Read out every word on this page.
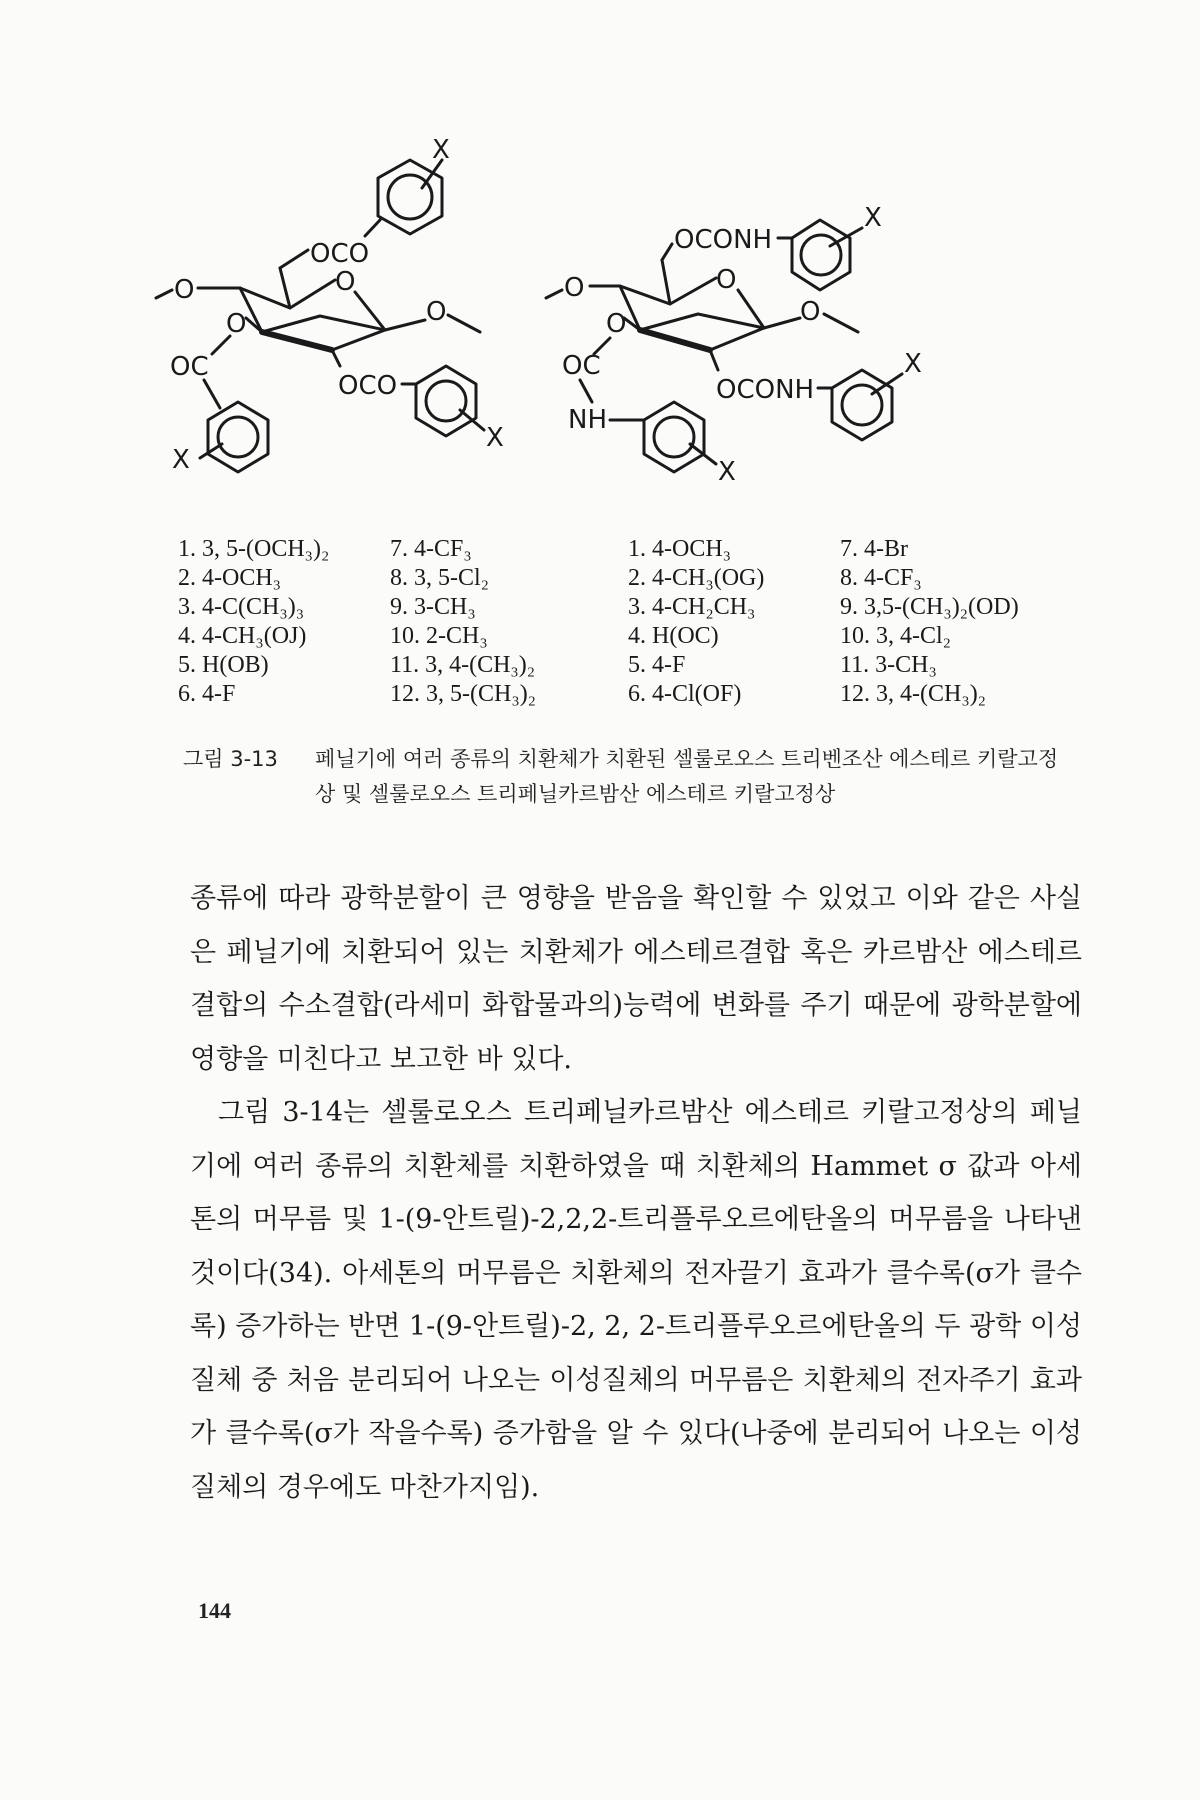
X
OCO
O
O
O
OC
X
O
OCO
X
OCONH
X
O
O
O
OC
NH
X
O
OCONH
X
1. 3, 5-(OCH₃)₂
2. 4-OCH₃
3. 4-C(CH₃)₃
4. 4-CH₃(OJ)
5. H(OB)
6. 4-F
7. 4-CF₃
8. 3, 5-Cl₂
9. 3-CH₃
10. 2-CH₃
11. 3, 4-(CH₃)₂
12. 3, 5-(CH₃)₂
1. 4-OCH₃
2. 4-CH₃(OG)
3. 4-CH₂CH₃
4. H(OC)
5. 4-F
6. 4-Cl(OF)
7. 4-Br
8. 4-CF₃
9. 3,5-(CH₃)₂(OD)
10. 3, 4-Cl₂
11. 3-CH₃
12. 3, 4-(CH₃)₂
그림 3-13	페닐기에 여러 종류의 치환체가 치환된 셀룰로오스 트리벤조산 에스테르 키랄고정상 및 셀룰로오스 트리페닐카르밤산 에스테르 키랄고정상

종류에 따라 광학분할이 큰 영향을 받음을 확인할 수 있었고 이와 같은 사실은 페닐기에 치환되어 있는 치환체가 에스테르결합 혹은 카르밤산 에스테르 결합의 수소결합(라세미 화합물과의)능력에 변화를 주기 때문에 광학분할에 영향을 미친다고 보고한 바 있다.

그림 3-14는 셀룰로오스 트리페닐카르밤산 에스테르 키랄고정상의 페닐기에 여러 종류의 치환체를 치환하였을 때 치환체의 Hammet σ 값과 아세톤의 머무름 및 1-(9-안트릴)-2,2,2-트리플루오르에탄올의 머무름을 나타낸 것이다(34). 아세톤의 머무름은 치환체의 전자끌기 효과가 클수록(σ가 클수록) 증가하는 반면 1-(9-안트릴)-2, 2, 2-트리플루오르에탄올의 두 광학 이성질체 중 처음 분리되어 나오는 이성질체의 머무름은 치환체의 전자주기 효과가 클수록(σ가 작을수록) 증가함을 알 수 있다(나중에 분리되어 나오는 이성질체의 경우에도 마찬가지임).

144
